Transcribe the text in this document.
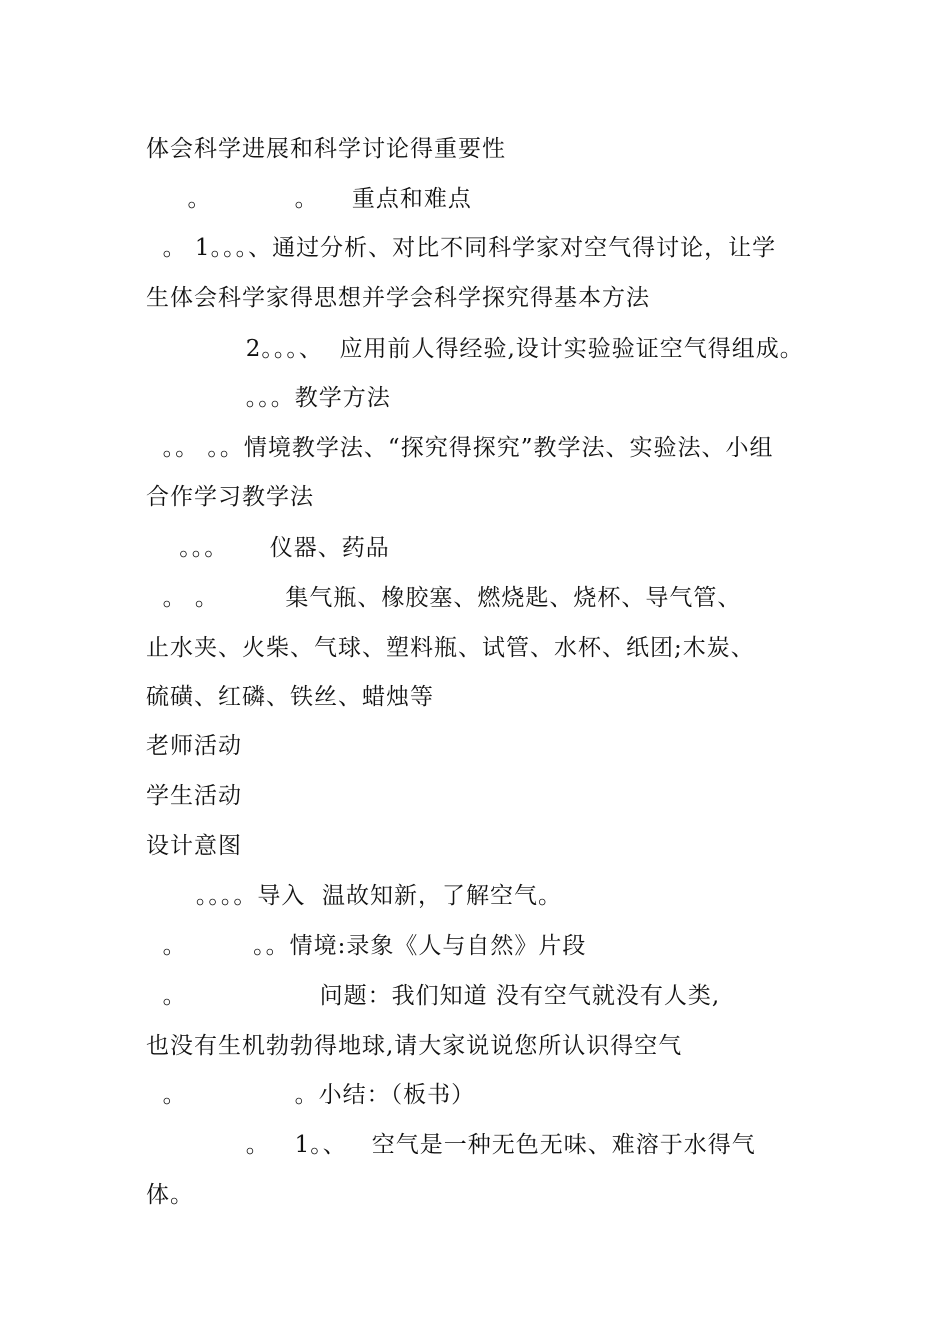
体会科学进展和科学讨论得重要性
。          。    重点和难点
。 1。。。、通过分析、对比不同科学家对空气得讨论，让学
生体会科学家得思想并学会科学探究得基本方法
2。。。、  应用前人得经验,设计实验验证空气得组成。
。。。教学方法
。。 。。情境教学法、“探究得探究”教学法、实验法、小组
合作学习教学法
。。。     仪器、药品
。 。        集气瓶、橡胶塞、燃烧匙、烧杯、导气管、
止水夹、火柴、气球、塑料瓶、试管、水杯、纸团;木炭、
硫磺、红磷、铁丝、蜡烛等
老师活动
学生活动
设计意图
。。。。导入  温故知新，了解空气。
。        。。情境:录象《人与自然》片段
。                问题：我们知道 没有空气就没有人类,
也没有生机勃勃得地球,请大家说说您所认识得空气
。             。小结：（板书）
。   1。、   空气是一种无色无味、难溶于水得气
体。
